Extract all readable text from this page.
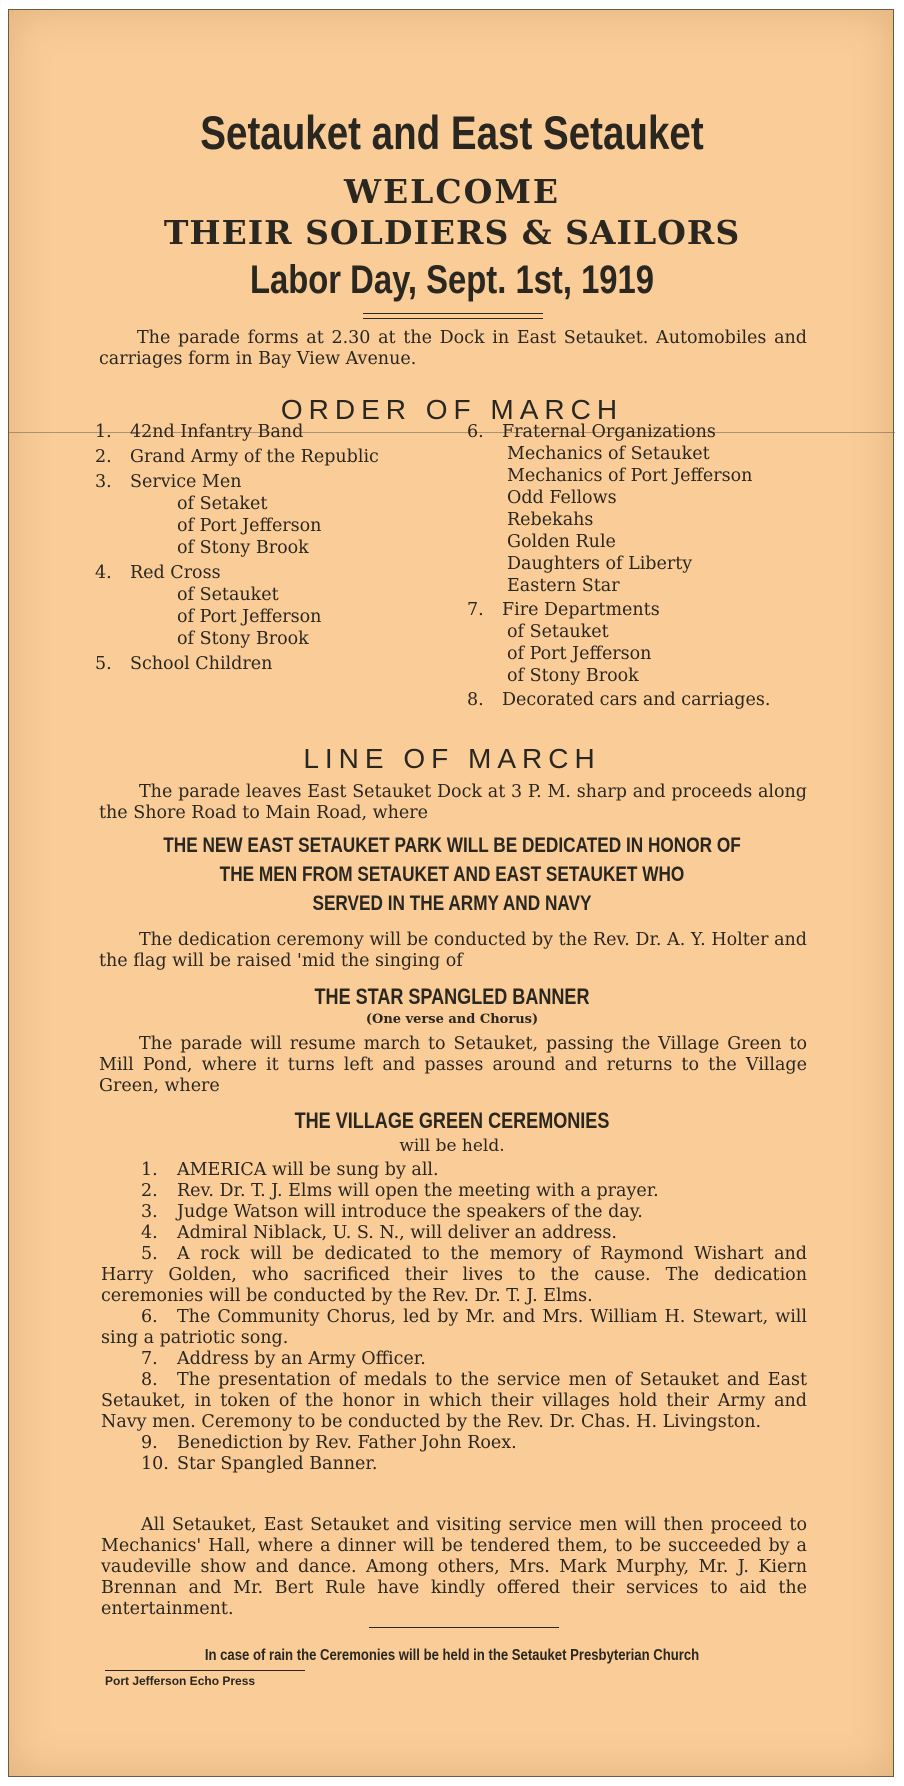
Setauket and East Setauket
WELCOME
THEIR SOLDIERS & SAILORS
Labor Day, Sept. 1st, 1919
The parade forms at 2.30 at the Dock in East Setauket. Automobiles and carriages form in Bay View Avenue.
ORDER OF MARCH
1. 42nd Infantry Band
2. Grand Army of the Republic
3. Service Men
of Setaket
of Port Jefferson
of Stony Brook
4. Red Cross
of Setauket
of Port Jefferson
of Stony Brook
5. School Children
6. Fraternal Organizations
Mechanics of Setauket
Mechanics of Port Jefferson
Odd Fellows
Rebekahs
Golden Rule
Daughters of Liberty
Eastern Star
7. Fire Departments
of Setauket
of Port Jefferson
of Stony Brook
8. Decorated cars and carriages.
LINE OF MARCH
The parade leaves East Setauket Dock at 3 P. M. sharp and proceeds along the Shore Road to Main Road, where
THE NEW EAST SETAUKET PARK WILL BE DEDICATED IN HONOR OF
THE MEN FROM SETAUKET AND EAST SETAUKET WHO
SERVED IN THE ARMY AND NAVY
The dedication ceremony will be conducted by the Rev. Dr. A. Y. Holter and the flag will be raised 'mid the singing of
THE STAR SPANGLED BANNER
(One verse and Chorus)
The parade will resume march to Setauket, passing the Village Green to Mill Pond, where it turns left and passes around and returns to the Village Green, where
THE VILLAGE GREEN CEREMONIES
will be held.
1. AMERICA will be sung by all.
2. Rev. Dr. T. J. Elms will open the meeting with a prayer.
3. Judge Watson will introduce the speakers of the day.
4. Admiral Niblack, U. S. N., will deliver an address.
5. A rock will be dedicated to the memory of Raymond Wishart and Harry Golden, who sacrificed their lives to the cause. The dedication ceremonies will be conducted by the Rev. Dr. T. J. Elms.
6. The Community Chorus, led by Mr. and Mrs. William H. Stewart, will sing a patriotic song.
7. Address by an Army Officer.
8. The presentation of medals to the service men of Setauket and East Setauket, in token of the honor in which their villages hold their Army and Navy men. Ceremony to be conducted by the Rev. Dr. Chas. H. Livingston.
9. Benediction by Rev. Father John Roex.
10. Star Spangled Banner.
All Setauket, East Setauket and visiting service men will then proceed to Mechanics' Hall, where a dinner will be tendered them, to be succeeded by a vaudeville show and dance. Among others, Mrs. Mark Murphy, Mr. J. Kiern Brennan and Mr. Bert Rule have kindly offered their services to aid the entertainment.
In case of rain the Ceremonies will be held in the Setauket Presbyterian Church
Port Jefferson Echo Press
